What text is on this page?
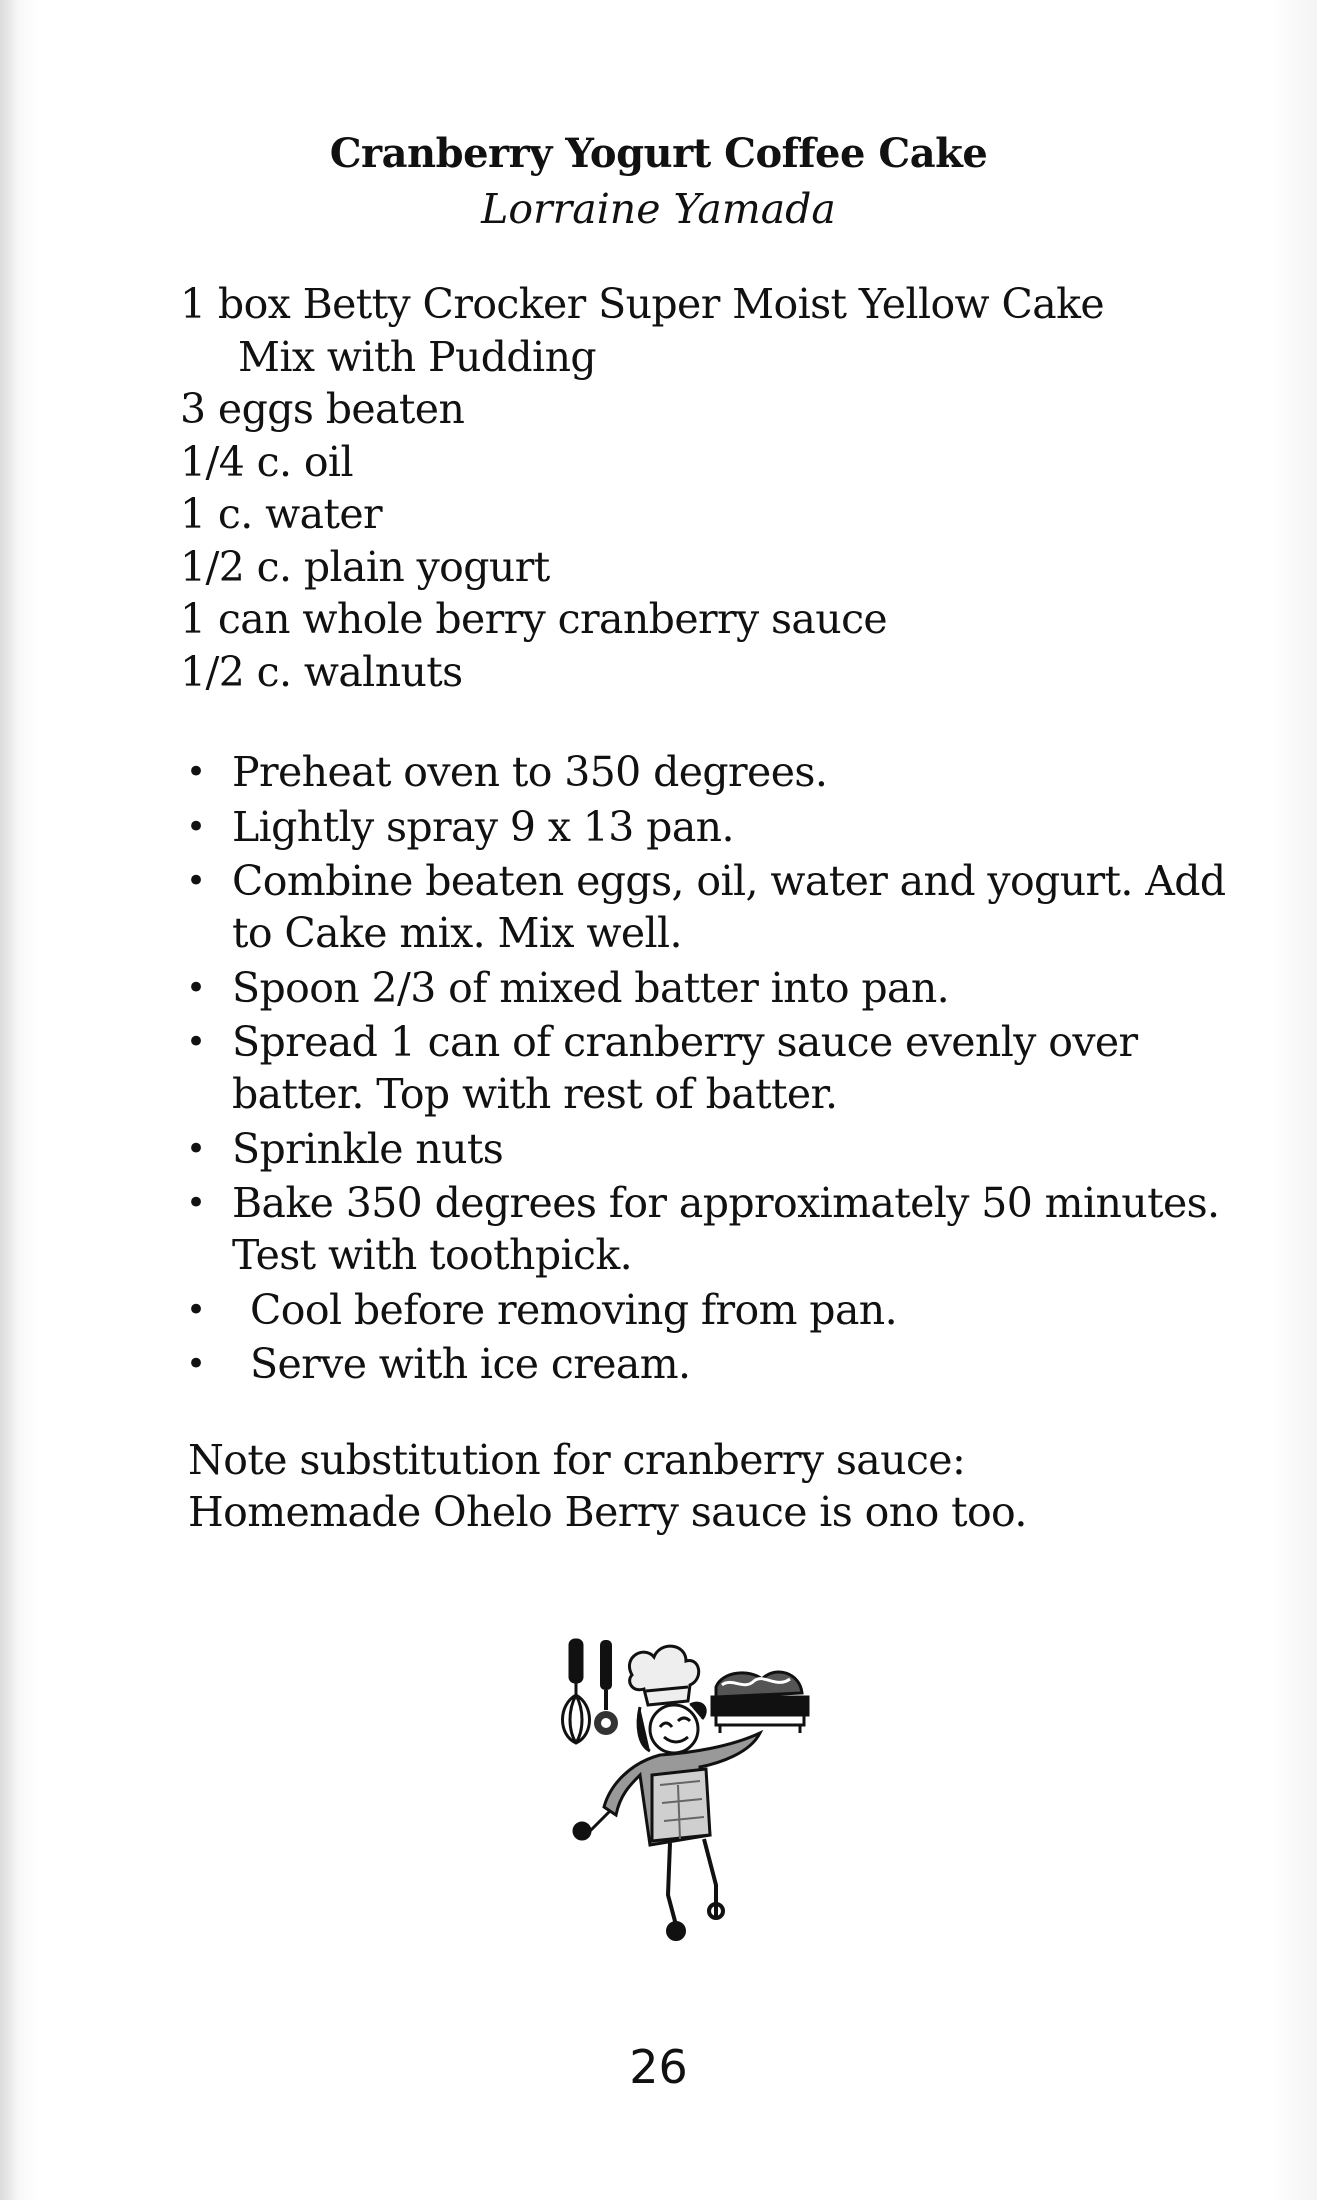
Cranberry Yogurt Coffee Cake

Lorraine Yamada

1 box Betty Crocker Super Moist Yellow Cake
Mix with Pudding
3 eggs beaten
1/4 c. oil
1 c. water
1/2 c. plain yogurt
1 can whole berry cranberry sauce
1/2 c. walnuts
• Preheat oven to 350 degrees.
• Lightly spray 9 x 13 pan.
• Combine beaten eggs, oil, water and yogurt. Add to Cake mix. Mix well.
• Spoon 2/3 of mixed batter into pan.
• Spread 1 can of cranberry sauce evenly over batter. Top with rest of batter.
• Sprinkle nuts
• Bake 350 degrees for approximately 50 minutes. Test with toothpick.
• Cool before removing from pan.
• Serve with ice cream.

Note substitution for cranberry sauce:

Homemade Ohelo Berry sauce is ono too.

26
